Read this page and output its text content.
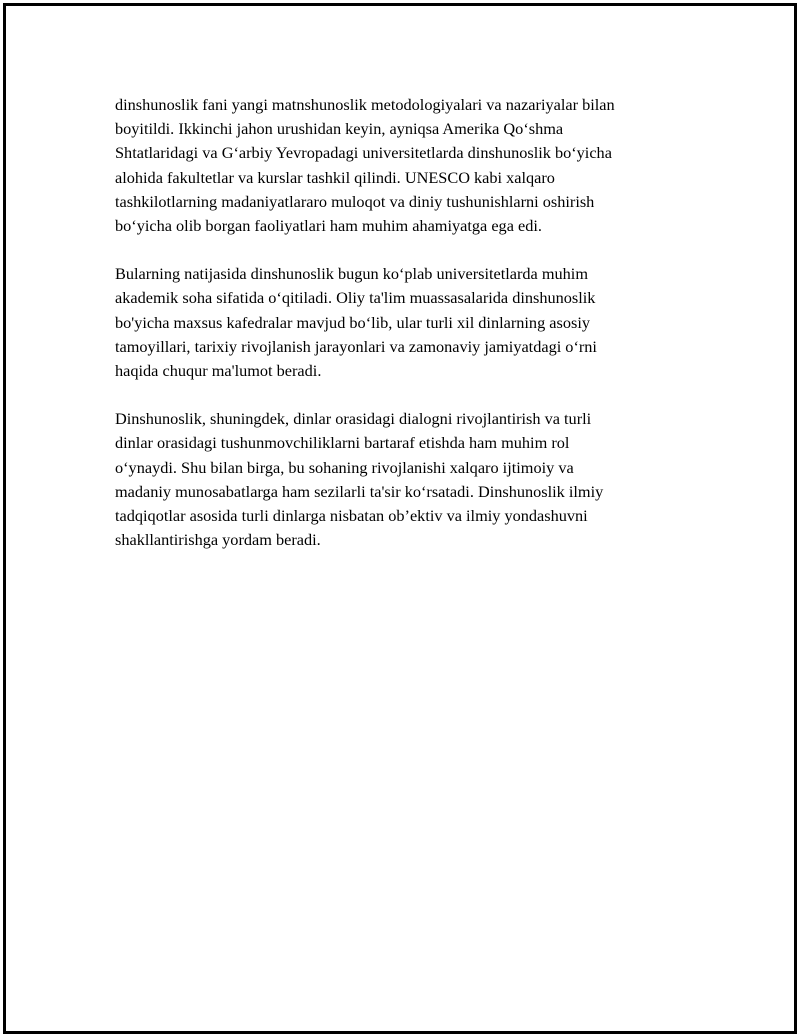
dinshunoslik fani yangi matnshunoslik metodologiyalari va nazariyalar bilan
boyitildi. Ikkinchi jahon urushidan keyin, ayniqsa Amerika Qo‘shma
Shtatlaridagi va G‘arbiy Yevropadagi universitetlarda dinshunoslik bo‘yicha
alohida fakultetlar va kurslar tashkil qilindi. UNESCO kabi xalqaro
tashkilotlarning madaniyatlararo muloqot va diniy tushunishlarni oshirish
bo‘yicha olib borgan faoliyatlari ham muhim ahamiyatga ega edi.

Bularning natijasida dinshunoslik bugun ko‘plab universitetlarda muhim
akademik soha sifatida o‘qitiladi. Oliy ta'lim muassasalarida dinshunoslik
bo'yicha maxsus kafedralar mavjud bo‘lib, ular turli xil dinlarning asosiy
tamoyillari, tarixiy rivojlanish jarayonlari va zamonaviy jamiyatdagi o‘rni
haqida chuqur ma'lumot beradi.

Dinshunoslik, shuningdek, dinlar orasidagi dialogni rivojlantirish va turli
dinlar orasidagi tushunmovchiliklarni bartaraf etishda ham muhim rol
o‘ynaydi. Shu bilan birga, bu sohaning rivojlanishi xalqaro ijtimoiy va
madaniy munosabatlarga ham sezilarli ta'sir ko‘rsatadi. Dinshunoslik ilmiy
tadqiqotlar asosida turli dinlarga nisbatan ob’ektiv va ilmiy yondashuvni
shakllantirishga yordam beradi.
